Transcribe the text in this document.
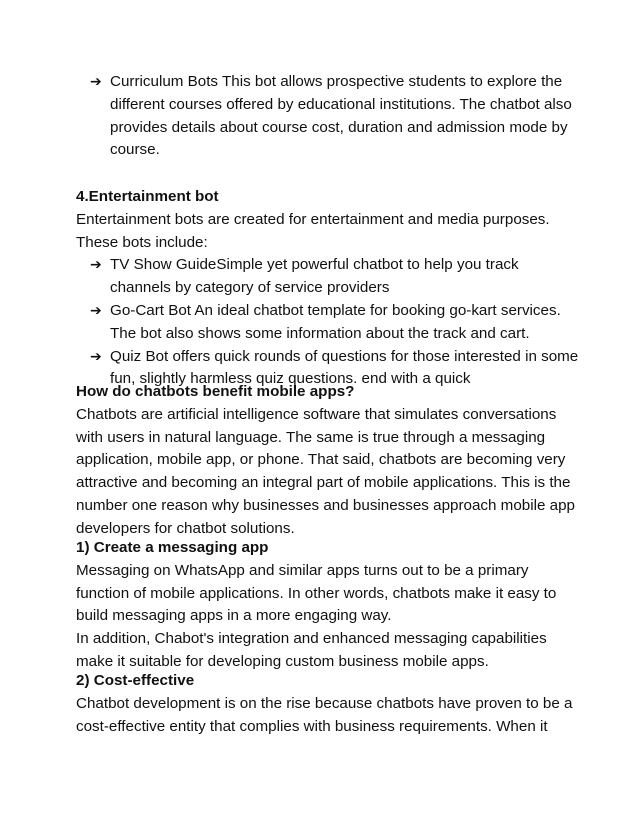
➔ Curriculum Bots This bot allows prospective students to explore the
different courses offered by educational institutions. The chatbot also
provides details about course cost, duration and admission mode by
course.
4.Entertainment bot
Entertainment bots are created for entertainment and media purposes.
These bots include:
➔ TV Show GuideSimple yet powerful chatbot to help you track
channels by category of service providers
➔ Go-Cart Bot An ideal chatbot template for booking go-kart services.
The bot also shows some information about the track and cart.
➔ Quiz Bot offers quick rounds of questions for those interested in some
fun, slightly harmless quiz questions. end with a quick
How do chatbots benefit mobile apps?
Chatbots are artificial intelligence software that simulates conversations
with users in natural language. The same is true through a messaging
application, mobile app, or phone. That said, chatbots are becoming very
attractive and becoming an integral part of mobile applications. This is the
number one reason why businesses and businesses approach mobile app
developers for chatbot solutions.
1) Create a messaging app
Messaging on WhatsApp and similar apps turns out to be a primary
function of mobile applications. In other words, chatbots make it easy to
build messaging apps in a more engaging way.
In addition, Chabot's integration and enhanced messaging capabilities
make it suitable for developing custom business mobile apps.
2) Cost-effective
Chatbot development is on the rise because chatbots have proven to be a
cost-effective entity that complies with business requirements. When it
